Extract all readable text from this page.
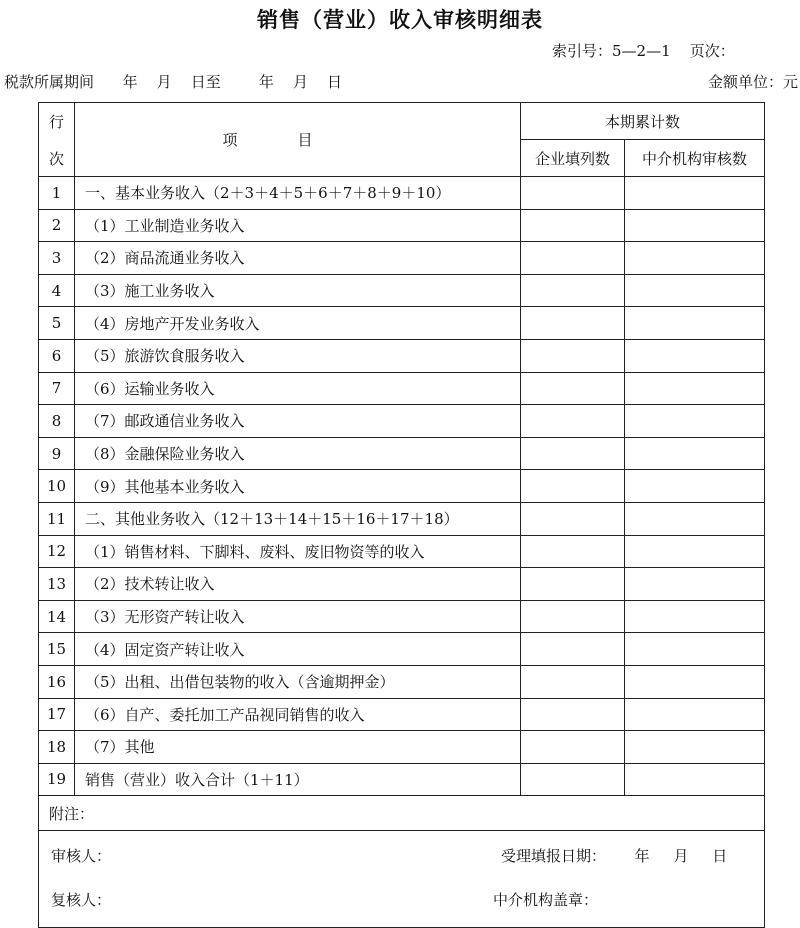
销售（营业）收入审核明细表
索引号：5—2—1    页次：
税款所属期间      年    月    日至        年    月    日	金额单位：元
行
次	项目	本期累计数	
		企业填列数	中介机构审核数
1	一、基本业务收入（2＋3＋4＋5＋6＋7＋8＋9＋10）		
2	（1）工业制造业务收入		
3	（2）商品流通业务收入		
4	（3）施工业务收入		
5	（4）房地产开发业务收入		
6	（5）旅游饮食服务收入		
7	（6）运输业务收入		
8	（7）邮政通信业务收入		
9	（8）金融保险业务收入		
10	（9）其他基本业务收入		
11	二、其他业务收入（12＋13＋14＋15＋16＋17＋18）		
12	（1）销售材料、下脚料、废料、废旧物资等的收入		
13	（2）技术转让收入		
14	（3）无形资产转让收入		
15	（4）固定资产转让收入		
16	（5）出租、出借包装物的收入（含逾期押金）		
17	（6）自产、委托加工产品视同销售的收入		
18	（7）其他		
19	销售（营业）收入合计（1＋11）		
附注：			

审核人： 受理填报日期：      年     月     日
复核人： 中介机构盖章：			
